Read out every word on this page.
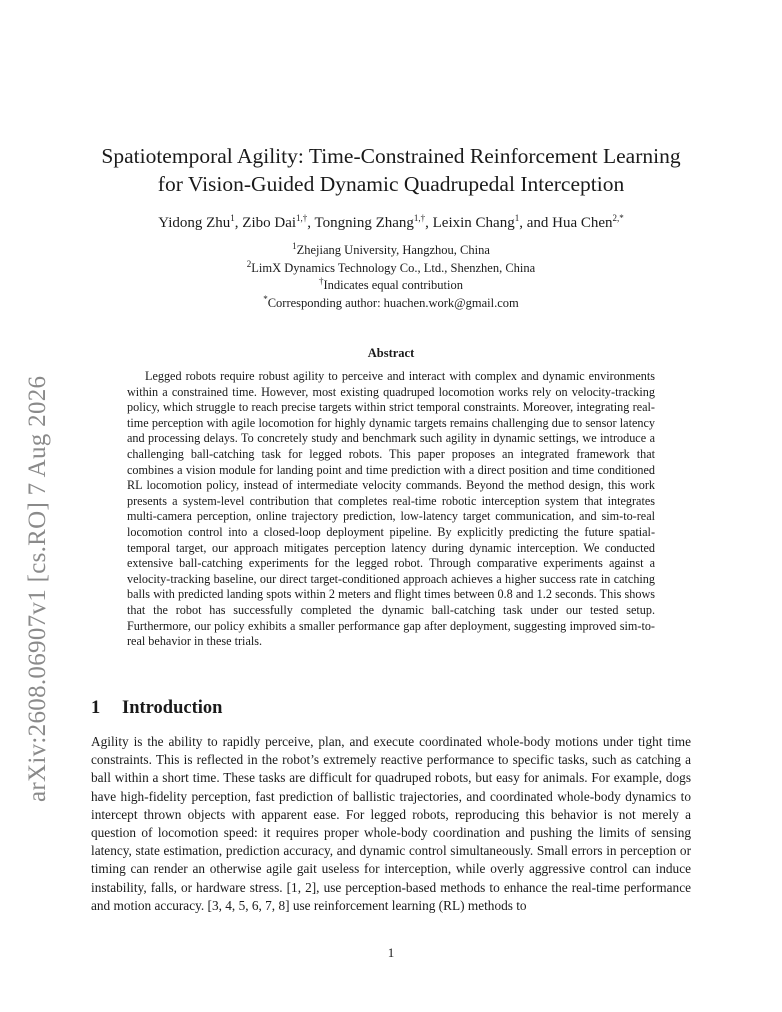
arXiv:2608.06907v1 [cs.RO] 7 Aug 2026
Spatiotemporal Agility: Time-Constrained Reinforcement Learning
for Vision-Guided Dynamic Quadrupedal Interception
Yidong Zhu$^1$, Zibo Dai$^{1,\dagger}$, Tongning Zhang$^{1,\dagger}$, Leixin Chang$^1$, and Hua Chen$^{2,*}$
$^1$Zhejiang University, Hangzhou, China
$^2$LimX Dynamics Technology Co., Ltd., Shenzhen, China
†Indicates equal contribution
*Corresponding author: huachen.work@gmail.com
Abstract

Legged robots require robust agility to perceive and interact with complex and dynamic environments within a constrained time. However, most existing quadruped locomotion works rely on velocity-tracking policy, which struggle to reach precise targets within strict temporal constraints. Moreover, integrating real-time perception with agile locomotion for highly dynamic targets remains challenging due to sensor latency and processing delays. To concretely study and benchmark such agility in dynamic settings, we introduce a challenging ball-catching task for legged robots. This paper proposes an integrated framework that combines a vision module for landing point and time prediction with a direct position and time conditioned RL locomotion policy, instead of intermediate velocity commands. Beyond the method design, this work presents a system-level contribution that completes real-time robotic interception system that integrates multi-camera perception, online trajectory prediction, low-latency target communication, and sim-to-real locomotion control into a closed-loop deployment pipeline. By explicitly predicting the future spatial-temporal target, our approach mitigates perception latency during dynamic interception. We conducted extensive ball-catching experiments for the legged robot. Through comparative experiments against a velocity-tracking baseline, our direct target-conditioned approach achieves a higher success rate in catching balls with predicted landing spots within 2 meters and flight times between 0.8 and 1.2 seconds. This shows that the robot has successfully completed the dynamic ball-catching task under our tested setup. Furthermore, our policy exhibits a smaller performance gap after deployment, suggesting improved sim-to-real behavior in these trials.

1 Introduction

Agility is the ability to rapidly perceive, plan, and execute coordinated whole-body motions under tight time constraints. This is reflected in the robot’s extremely reactive performance to specific tasks, such as catching a ball within a short time. These tasks are difficult for quadruped robots, but easy for animals. For example, dogs have high-fidelity perception, fast prediction of ballistic trajectories, and coordinated whole-body dynamics to intercept thrown objects with apparent ease. For legged robots, reproducing this behavior is not merely a question of locomotion speed: it requires proper whole-body coordination and pushing the limits of sensing latency, state estimation, prediction accuracy, and dynamic control simultaneously. Small errors in perception or timing can render an otherwise agile gait useless for interception, while overly aggressive control can induce instability, falls, or hardware stress. [1, 2], use perception-based methods to enhance the real-time performance and motion accuracy. [3, 4, 5, 6, 7, 8] use reinforcement learning (RL) methods to

1
